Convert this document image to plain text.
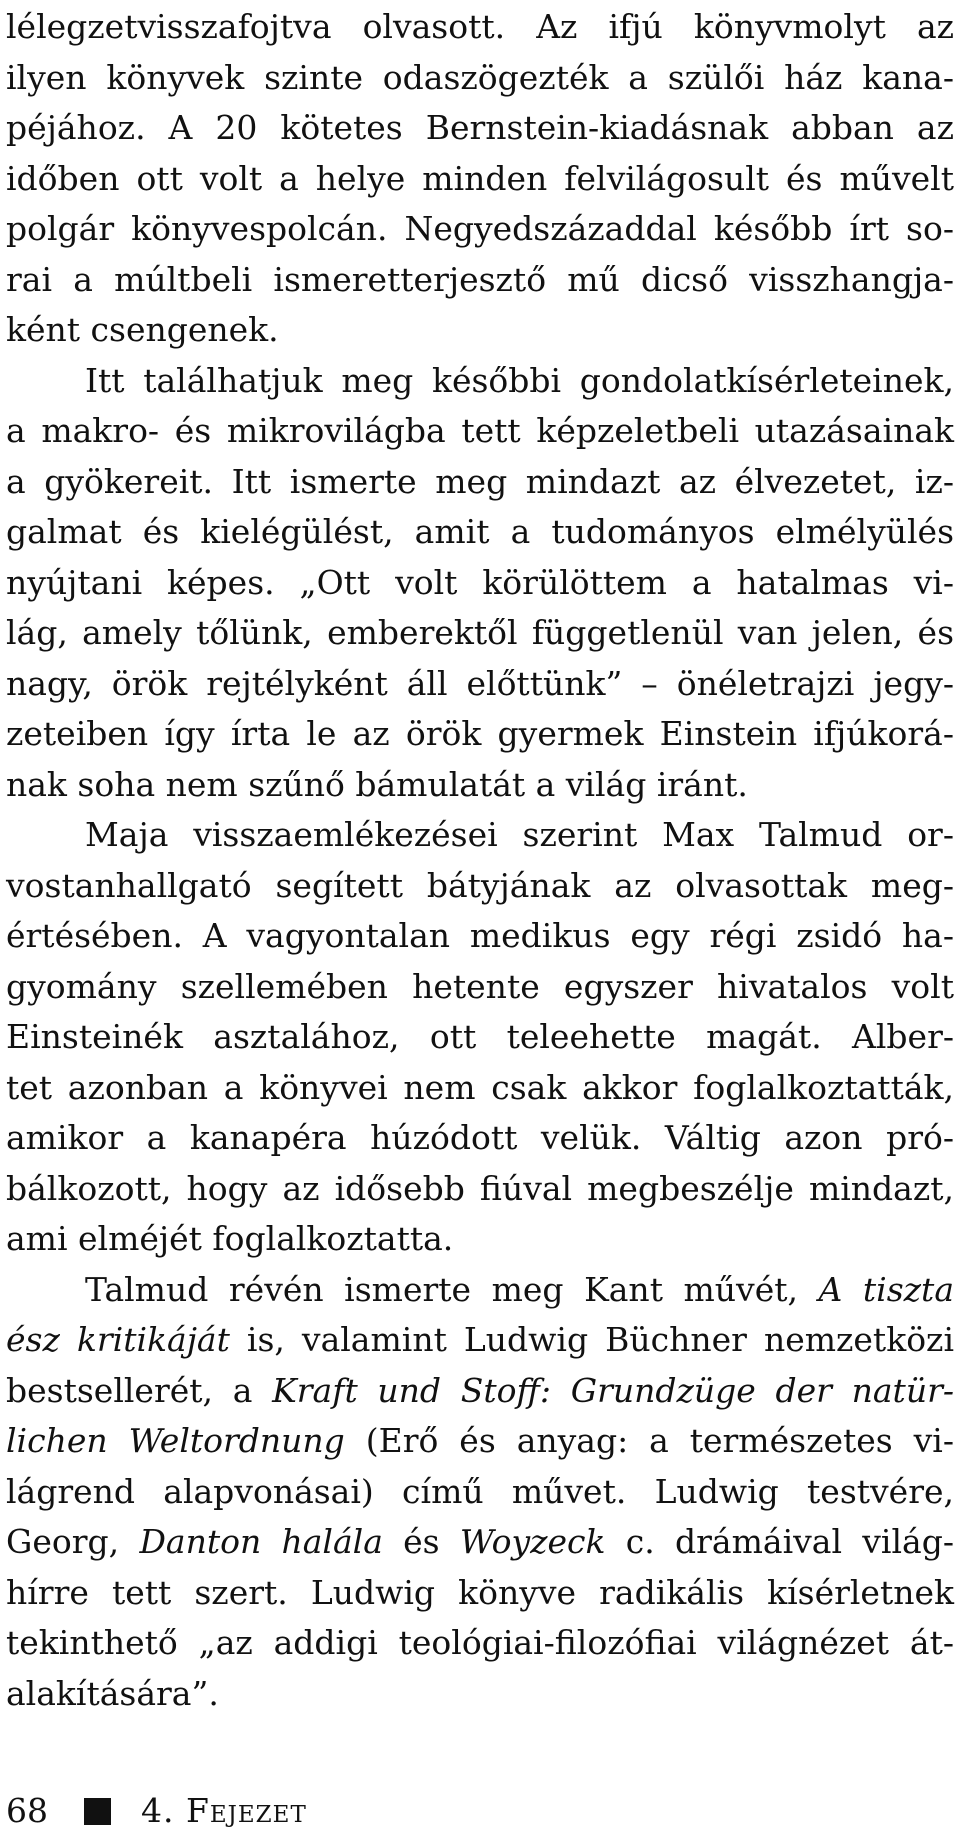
lélegzetvisszafojtva olvasott. Az ifjú könyvmolyt az
ilyen könyvek szinte odaszögezték a szülői ház kana-
péjához. A 20 kötetes Bernstein-kiadásnak abban az
időben ott volt a helye minden felvilágosult és művelt
polgár könyvespolcán. Negyedszázaddal később írt so-
rai a múltbeli ismeretterjesztő mű dicső visszhangja-
ként csengenek.
Itt találhatjuk meg későbbi gondolatkísérleteinek,
a makro- és mikrovilágba tett képzeletbeli utazásainak
a gyökereit. Itt ismerte meg mindazt az élvezetet, iz-
galmat és kielégülést, amit a tudományos elmélyülés
nyújtani képes. „Ott volt körülöttem a hatalmas vi-
lág, amely tőlünk, emberektől függetlenül van jelen, és
nagy, örök rejtélyként áll előttünk” – önéletrajzi jegy-
zeteiben így írta le az örök gyermek Einstein ifjúkorá-
nak soha nem szűnő bámulatát a világ iránt.
Maja visszaemlékezései szerint Max Talmud or-
vostanhallgató segített bátyjának az olvasottak meg-
értésében. A vagyontalan medikus egy régi zsidó ha-
gyomány szellemében hetente egyszer hivatalos volt
Einsteinék asztalához, ott teleehette magát. Alber-
tet azonban a könyvei nem csak akkor foglalkoztatták,
amikor a kanapéra húzódott velük. Váltig azon pró-
bálkozott, hogy az idősebb fiúval megbeszélje mindazt,
ami elméjét foglalkoztatta.
Talmud révén ismerte meg Kant művét, A tiszta
ész kritikáját is, valamint Ludwig Büchner nemzetközi
bestsellerét, a Kraft und Stoff: Grundzüge der natür-
lichen Weltordnung (Erő és anyag: a természetes vi-
lágrend alapvonásai) című művet. Ludwig testvére,
Georg, Danton halála és Woyzeck c. drámáival világ-
hírre tett szert. Ludwig könyve radikális kísérletnek
tekinthető „az addigi teológiai-filozófiai világnézet át-
alakítására”.
68	4. Fejezet
